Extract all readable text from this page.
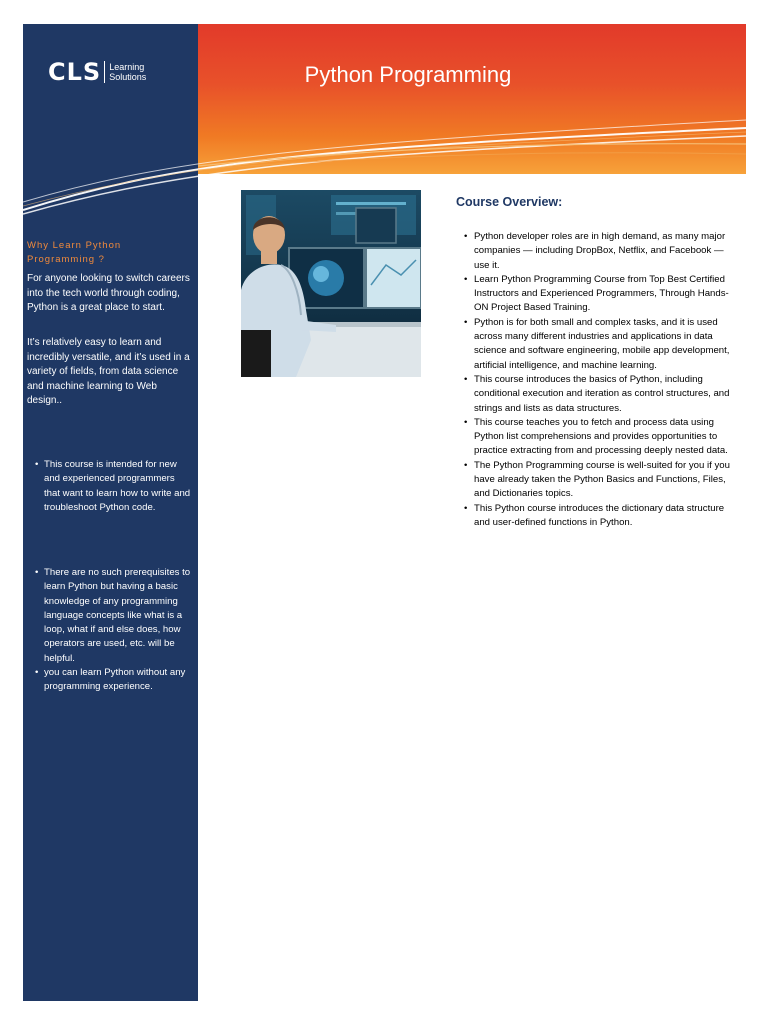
Python Programming
CLS Learning
Solutions
Why Learn Python Programming ?

For anyone looking to switch careers into the tech world through coding, Python is a great place to start.

It’s relatively easy to learn and incredibly versatile, and it’s used in a variety of fields, from data science and machine learning to Web design..

• This course is intended for new and experienced programmers that want to learn how to write and troubleshoot Python code.
• There are no such prerequisites to learn Python but having a basic knowledge of any programming language concepts like what is a loop, what if and else does, how operators are used, etc. will be helpful.
• you can learn Python without any programming experience.
Course Overview:
• Python developer roles are in high demand, as many major companies — including DropBox, Netflix, and Facebook — use it.
• Learn Python Programming Course from Top Best Certified Instructors and Experienced Programmers, Through Hands-ON Project Based Training.
• Python is for both small and complex tasks, and it is used across many different industries and applications in data science and software engineering, mobile app development, artificial intelligence, and machine learning.
• This course introduces the basics of Python, including conditional execution and iteration as control structures, and strings and lists as data structures.
• This course teaches you to fetch and process data using Python list comprehensions and provides opportunities to practice extracting from and processing deeply nested data.
• The Python Programming course is well-suited for you if you have already taken the Python Basics and Functions, Files, and Dictionaries topics.
• This Python course introduces the dictionary data structure and user-defined functions in Python.
